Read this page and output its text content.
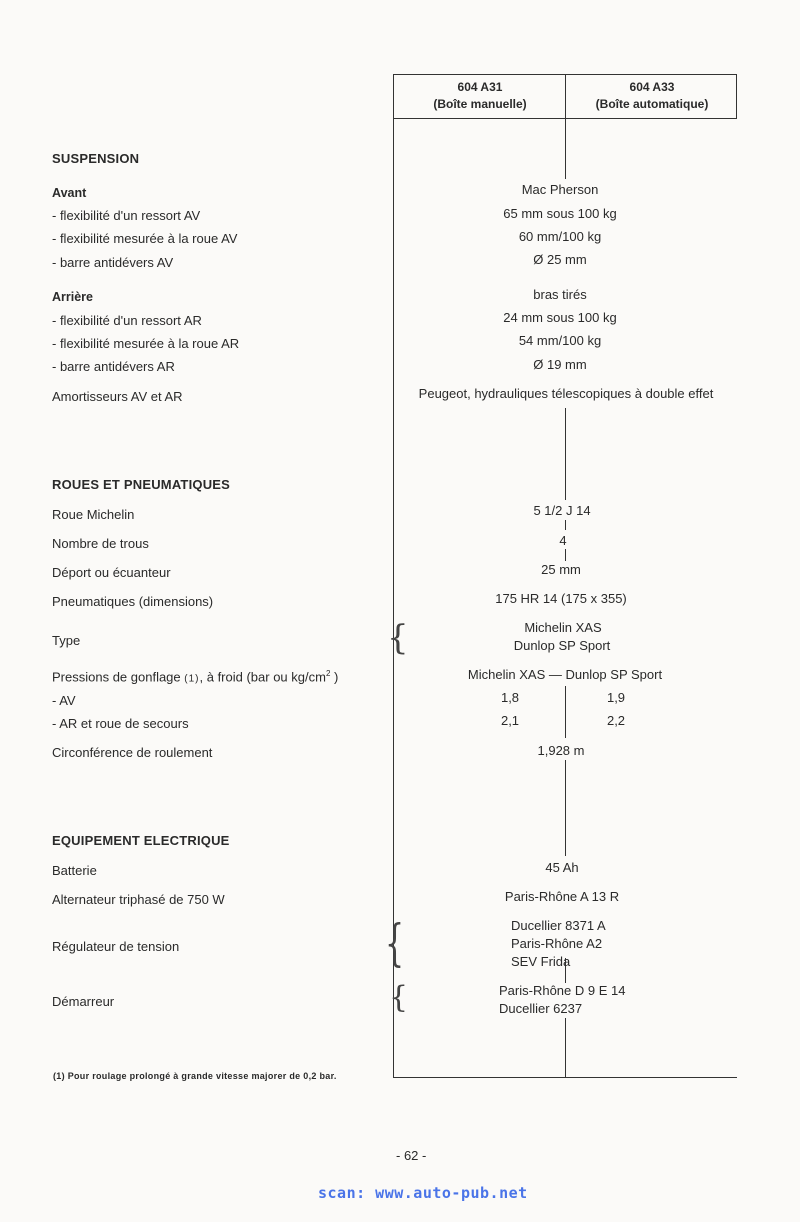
604 A31
(Boîte manuelle)
604 A33
(Boîte automatique)
SUSPENSION
Avant	Mac Pherson
- flexibilité d'un ressort AV	65 mm sous 100 kg
- flexibilité mesurée à la roue AV	60 mm/100 kg
- barre antidévers AV	Ø 25 mm
Arrière	bras tirés
- flexibilité d'un ressort AR	24 mm sous 100 kg
- flexibilité mesurée à la roue AR	54 mm/100 kg
- barre antidévers AR	Ø 19 mm
Amortisseurs AV et AR	Peugeot, hydrauliques télescopiques à double effet
ROUES ET PNEUMATIQUES
Roue Michelin	5 1/2 J 14
Nombre de trous	4
Déport ou écuanteur	25 mm
Pneumatiques (dimensions)	175 HR 14 (175 x 355)
Type	{	Michelin XAS
Dunlop SP Sport
Pressions de gonflage (1), à froid (bar ou $kg/cm^2$ )	Michelin XAS — Dunlop SP Sport
- AV	1,8	1,9
- AR et roue de secours	2,1	2,2
Circonférence de roulement	1,928 m
EQUIPEMENT ELECTRIQUE
Batterie	45 Ah
Alternateur triphasé de 750 W	Paris-Rhône A 13 R
Régulateur de tension	{	Ducellier 8371 A
Paris-Rhône A2
SEV Frida
Démarreur	{	Paris-Rhône D 9 E 14
Ducellier 6237
(1) Pour roulage prolongé à grande vitesse majorer de 0,2 bar.
- 62 -
scan: www.auto-pub.net
